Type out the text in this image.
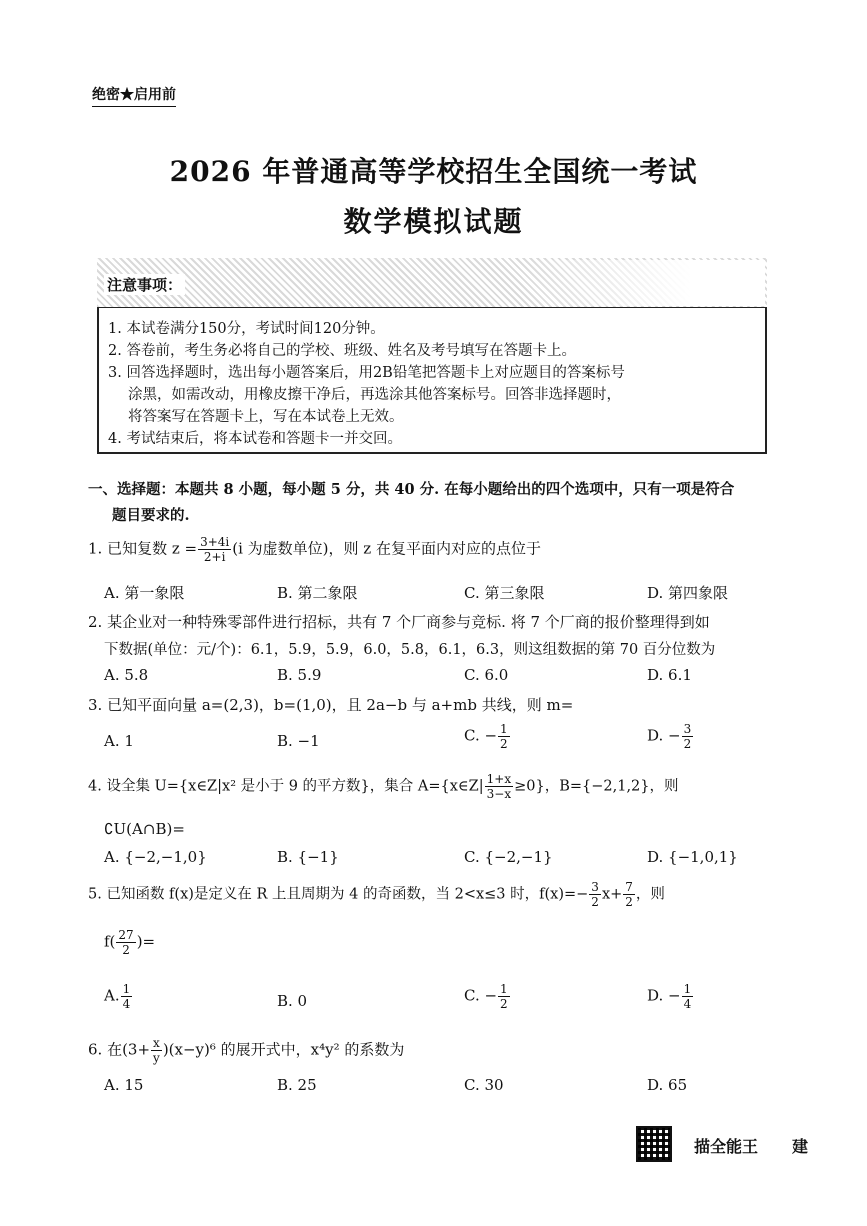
绝密★启用前
2026 年普通高等学校招生全国统一考试
数学模拟试题
注意事项：
1. 本试卷满分150分，考试时间120分钟。
2. 答卷前，考生务必将自己的学校、班级、姓名及考号填写在答题卡上。
3. 回答选择题时，选出每小题答案后，用2B铅笔把答题卡上对应题目的答案标号
涂黑，如需改动，用橡皮擦干净后，再选涂其他答案标号。回答非选择题时，
将答案写在答题卡上，写在本试卷上无效。
4. 考试结束后，将本试卷和答题卡一并交回。
一、选择题：本题共 8 小题，每小题 5 分，共 40 分. 在每小题给出的四个选项中，只有一项是符合
题目要求的.
1. 已知复数 $z = \frac{3+4i}{2+i} (i$ 为虚数单位)，则 z 在复平面内对应的点位于
A. 第一象限	B. 第二象限	C. 第三象限	D. 第四象限
2. 某企业对一种特殊零部件进行招标，共有 7 个厂商参与竞标. 将 7 个厂商的报价整理得到如
下数据(单位：元/个)：6.1，5.9，5.9，6.0，5.8，6.1，6.3，则这组数据的第 70 百分位数为
A. 5.8	B. 5.9	C. 6.0	D. 6.1
3. 已知平面向量 a=(2,3)，b=(1,0)，且 2a−b 与 a+mb 共线，则 m=
A. 1	B. −1	C. − $\frac{1}{2}$	D. − $\frac{3}{2}$
4. 设全集 U={x∈Z|x² 是小于 9 的平方数}，集合 A={x∈Z| $\frac{1+x}{3-x} \ge 0$}，B={−2,1,2}，则
∁U(A∩B)=
A. {−2,−1,0}	B. {−1}	C. {−2,−1}	D. {−1,0,1}
5. 已知函数 f(x)是定义在 R 上且周期为 4 的奇函数，当 2<x≤3 时，$f(x)=- \frac{3}{2} x+ \frac{7}{2}$ ，则
$f( \frac{27}{2}$ )=
A. $\frac{1}{4}$	B. 0	C. − $\frac{1}{2}$	D. − $\frac{1}{4}$
6. 在$(3+ \frac{x}{y} )(x-y)^6$ 的展开式中，x⁴y² 的系数为
A. 15	B. 25	C. 30	D. 65
描全能王 建
